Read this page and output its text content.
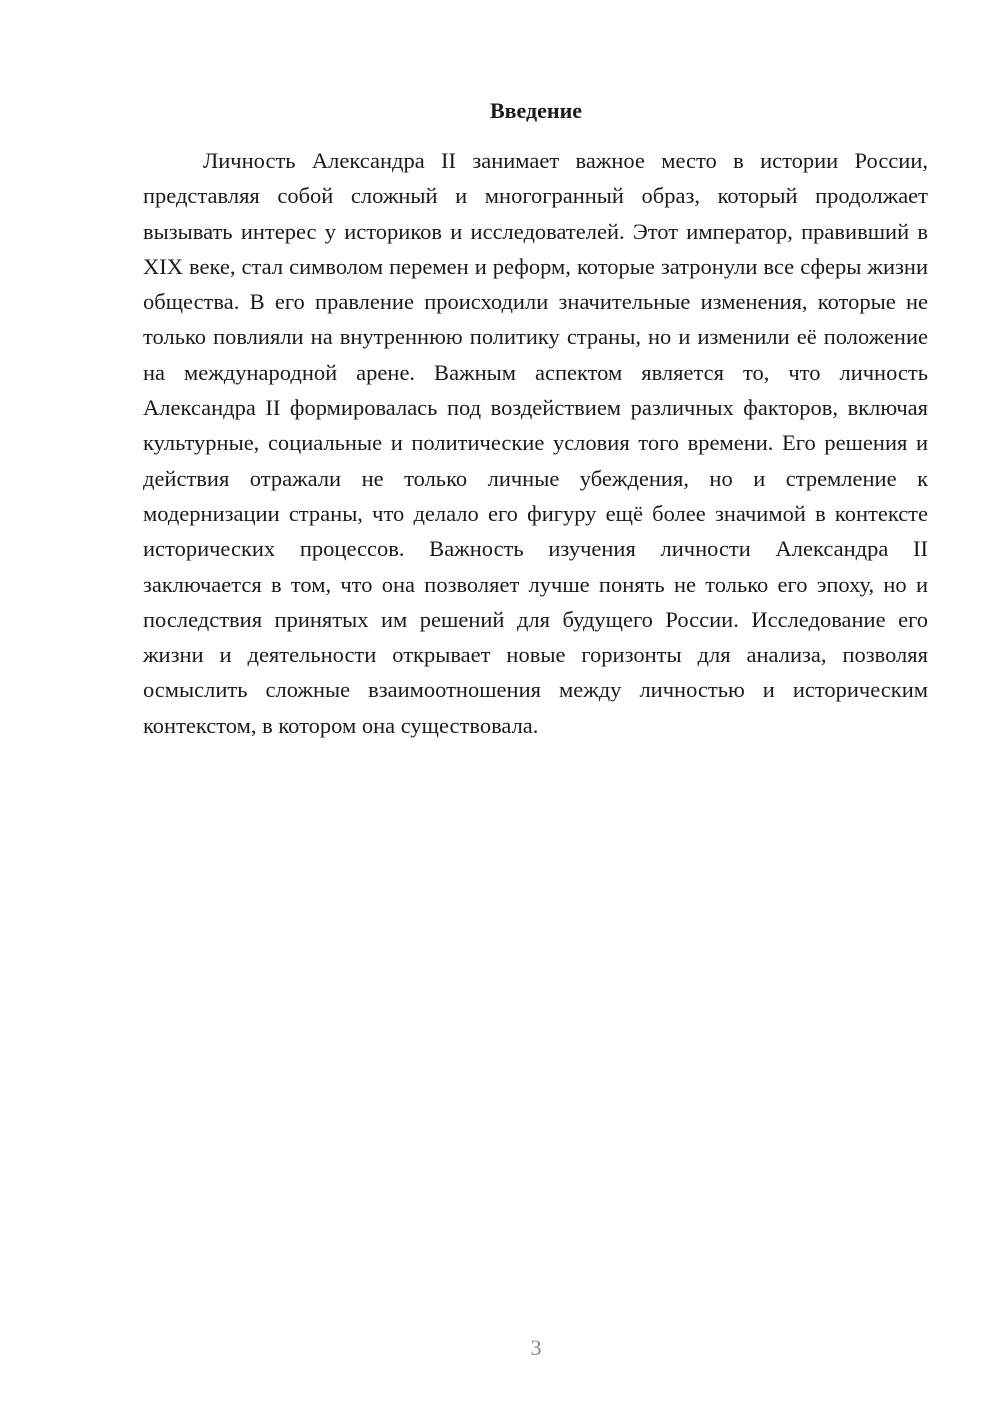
Введение

Личность Александра II занимает важное место в истории России, представляя собой сложный и многогранный образ, который продолжает вызывать интерес у историков и исследователей. Этот император, правивший в XIX веке, стал символом перемен и реформ, которые затронули все сферы жизни общества. В его правление происходили значительные изменения, которые не только повлияли на внутреннюю политику страны, но и изменили её положение на международной арене. Важным аспектом является то, что личность Александра II формировалась под воздействием различных факторов, включая культурные, социальные и политические условия того времени. Его решения и действия отражали не только личные убеждения, но и стремление к модернизации страны, что делало его фигуру ещё более значимой в контексте исторических процессов. Важность изучения личности Александра II заключается в том, что она позволяет лучше понять не только его эпоху, но и последствия принятых им решений для будущего России. Исследование его жизни и деятельности открывает новые горизонты для анализа, позволяя осмыслить сложные взаимоотношения между личностью и историческим контекстом, в котором она существовала.

3
